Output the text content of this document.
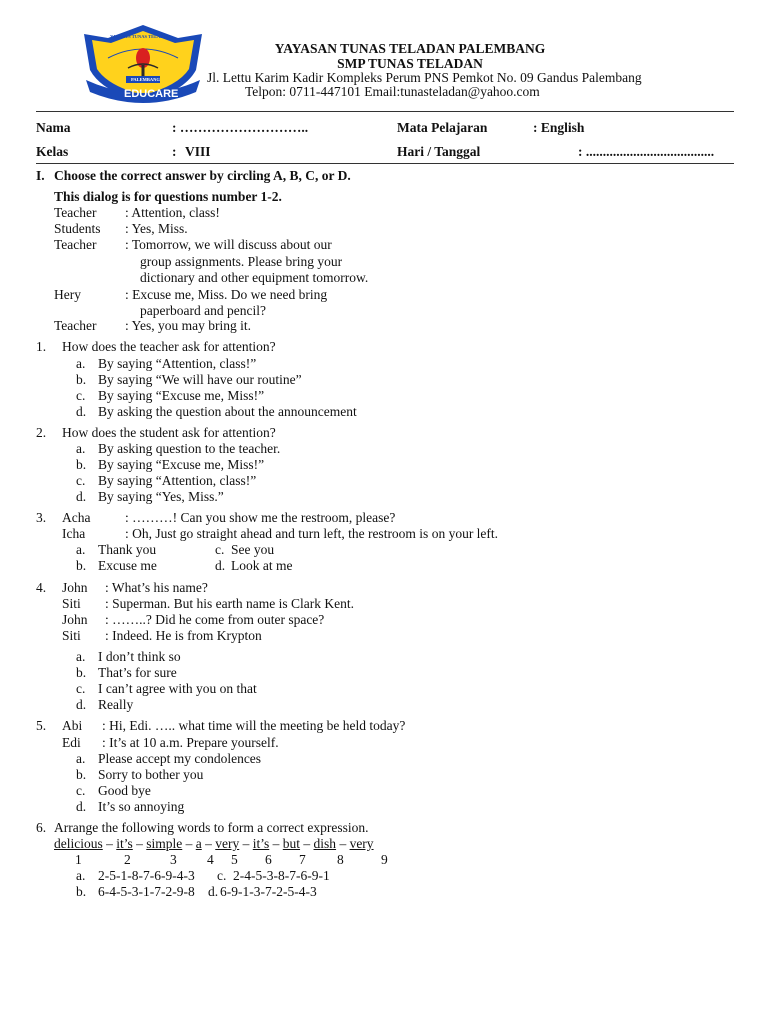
YAYASAN TUNAS TELADAN
PALEMBANG
EDUCARE
YAYASAN TUNAS TELADAN PALEMBANG
SMP TUNAS TELADAN
Jl. Lettu Karim Kadir Kompleks Perum PNS Pemkot No. 09 Gandus Palembang
Telpon: 0711-447101 Email:tunasteladan@yahoo.com
Nama	: ………………………..	Mata Pelajaran	: English
Kelas	: VIII	Hari / Tanggal	: ......................................
I. Choose the correct answer by circling A, B, C, or D.
This dialog is for questions number 1-2.
Teacher : Attention, class!
Students : Yes, Miss.
Teacher : Tomorrow, we will discuss about our
group assignments. Please bring your
dictionary and other equipment tomorrow.
Hery	: Excuse me, Miss. Do we need bring
paperboard and pencil?
Teacher : Yes, you may bring it.
1. How does the teacher ask for attention?
a. By saying “Attention, class!”
b. By saying “We will have our routine”
c. By saying “Excuse me, Miss!”
d. By asking the question about the announcement
2. How does the student ask for attention?
a. By asking question to the teacher.
b. By saying “Excuse me, Miss!”
c. By saying “Attention, class!”
d. By saying “Yes, Miss.”
3. Acha	: ………! Can you show me the restroom, please?
Icha	: Oh, Just go straight ahead and turn left, the restroom is on your left.
a. Thank you	c. See you
b. Excuse me	d. Look at me
4. John : What’s his name?
Siti : Superman. But his earth name is Clark Kent.
John : ……..? Did he come from outer space?
Siti : Indeed. He is from Krypton
a. I don’t think so
b. That’s for sure
c. I can’t agree with you on that
d. Really
5. Abi : Hi, Edi. ….. what time will the meeting be held today?
Edi : It’s at 10 a.m. Prepare yourself.
a. Please accept my condolences
b. Sorry to bother you
c. Good bye
d. It’s so annoying
6. Arrange the following words to form a correct expression.
delicious – it’s – simple – a – very – it’s – but – dish – very
1	2	3 4 5 6 7 8	9
a. 2-5-1-8-7-6-9-4-3 c. 2-4-5-3-8-7-6-9-1
b. 6-4-5-3-1-7-2-9-8 d. 6-9-1-3-7-2-5-4-3
